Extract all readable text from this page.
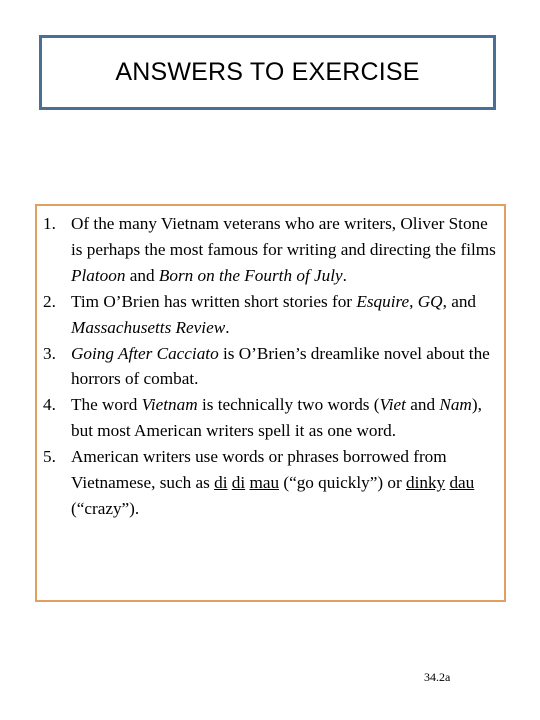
ANSWERS TO EXERCISE
1. Of the many Vietnam veterans who are writers, Oliver Stone is perhaps the most famous for writing and directing the films Platoon and Born on the Fourth of July.
2. Tim O’Brien has written short stories for Esquire, GQ, and Massachusetts Review.
3. Going After Cacciato is O’Brien’s dreamlike novel about the horrors of combat.
4. The word Vietnam is technically two words (Viet and Nam), but most American writers spell it as one word.
5. American writers use words or phrases borrowed from Vietnamese, such as di di mau (“go quickly”) or dinky dau (“crazy”).
34.2a
